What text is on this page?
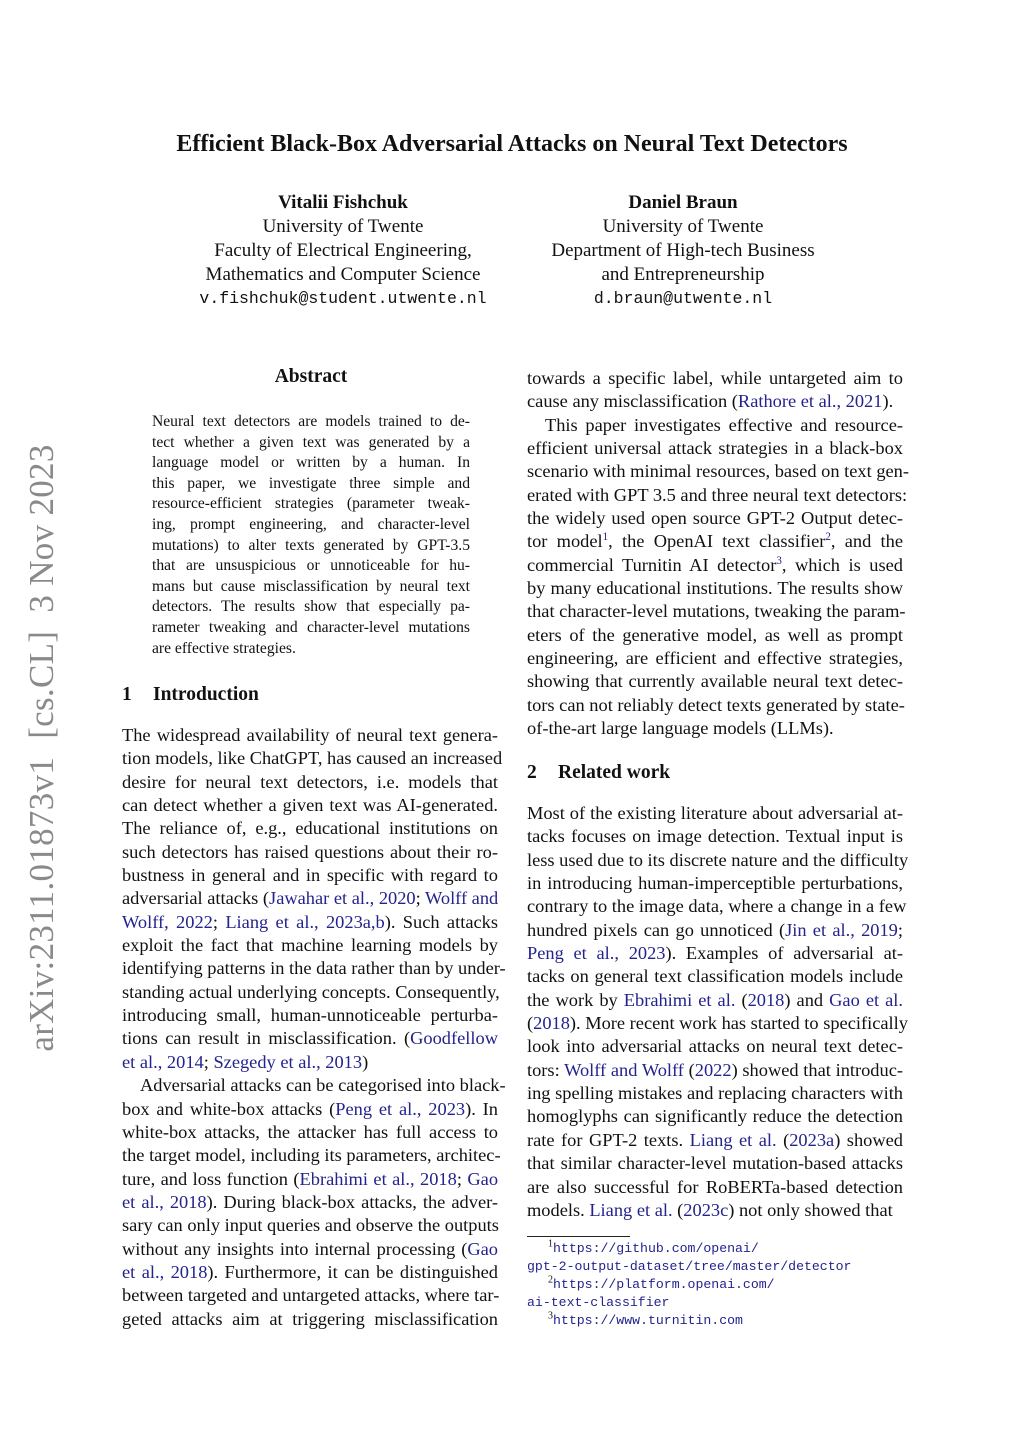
Efficient Black-Box Adversarial Attacks on Neural Text Detectors
Vitalii Fishchuk
University of Twente
Faculty of Electrical Engineering,
Mathematics and Computer Science
v.fishchuk@student.utwente.nl
Daniel Braun
University of Twente
Department of High-tech Business
and Entrepreneurship
d.braun@utwente.nl
arXiv:2311.01873v1  [cs.CL]  3 Nov 2023
Abstract
Neural text detectors are models trained to de-
tect whether a given text was generated by a
language model or written by a human. In
this paper, we investigate three simple and
resource-efficient strategies (parameter tweak-
ing, prompt engineering, and character-level
mutations) to alter texts generated by GPT-3.5
that are unsuspicious or unnoticeable for hu-
mans but cause misclassification by neural text
detectors. The results show that especially pa-
rameter tweaking and character-level mutations
are effective strategies.
1 Introduction
The widespread availability of neural text genera-
tion models, like ChatGPT, has caused an increased
desire for neural text detectors, i.e. models that
can detect whether a given text was AI-generated.
The reliance of, e.g., educational institutions on
such detectors has raised questions about their ro-
bustness in general and in specific with regard to
adversarial attacks (Jawahar et al., 2020; Wolff and
Wolff, 2022; Liang et al., 2023a,b). Such attacks
exploit the fact that machine learning models by
identifying patterns in the data rather than by under-
standing actual underlying concepts. Consequently,
introducing small, human-unnoticeable perturba-
tions can result in misclassification. (Goodfellow
et al., 2014; Szegedy et al., 2013)
Adversarial attacks can be categorised into black-
box and white-box attacks (Peng et al., 2023). In
white-box attacks, the attacker has full access to
the target model, including its parameters, architec-
ture, and loss function (Ebrahimi et al., 2018; Gao
et al., 2018). During black-box attacks, the adver-
sary can only input queries and observe the outputs
without any insights into internal processing (Gao
et al., 2018). Furthermore, it can be distinguished
between targeted and untargeted attacks, where tar-
geted attacks aim at triggering misclassification
towards a specific label, while untargeted aim to
cause any misclassification (Rathore et al., 2021).
This paper investigates effective and resource-
efficient universal attack strategies in a black-box
scenario with minimal resources, based on text gen-
erated with GPT 3.5 and three neural text detectors:
the widely used open source GPT-2 Output detec-
tor model$^1$, the OpenAI text classifier$^2$, and the
commercial Turnitin AI detector$^3$, which is used
by many educational institutions. The results show
that character-level mutations, tweaking the param-
eters of the generative model, as well as prompt
engineering, are efficient and effective strategies,
showing that currently available neural text detec-
tors can not reliably detect texts generated by state-
of-the-art large language models (LLMs).
2 Related work
Most of the existing literature about adversarial at-
tacks focuses on image detection. Textual input is
less used due to its discrete nature and the difficulty
in introducing human-imperceptible perturbations,
contrary to the image data, where a change in a few
hundred pixels can go unnoticed (Jin et al., 2019;
Peng et al., 2023). Examples of adversarial at-
tacks on general text classification models include
the work by Ebrahimi et al. (2018) and Gao et al.
(2018). More recent work has started to specifically
look into adversarial attacks on neural text detec-
tors: Wolff and Wolff (2022) showed that introduc-
ing spelling mistakes and replacing characters with
homoglyphs can significantly reduce the detection
rate for GPT-2 texts. Liang et al. (2023a) showed
that similar character-level mutation-based attacks
are also successful for RoBERTa-based detection
models. Liang et al. (2023c) not only showed that
$^1$https://github.com/openai/
gpt-2-output-dataset/tree/master/detector
$^2$https://platform.openai.com/
ai-text-classifier
$^3$https://www.turnitin.com
